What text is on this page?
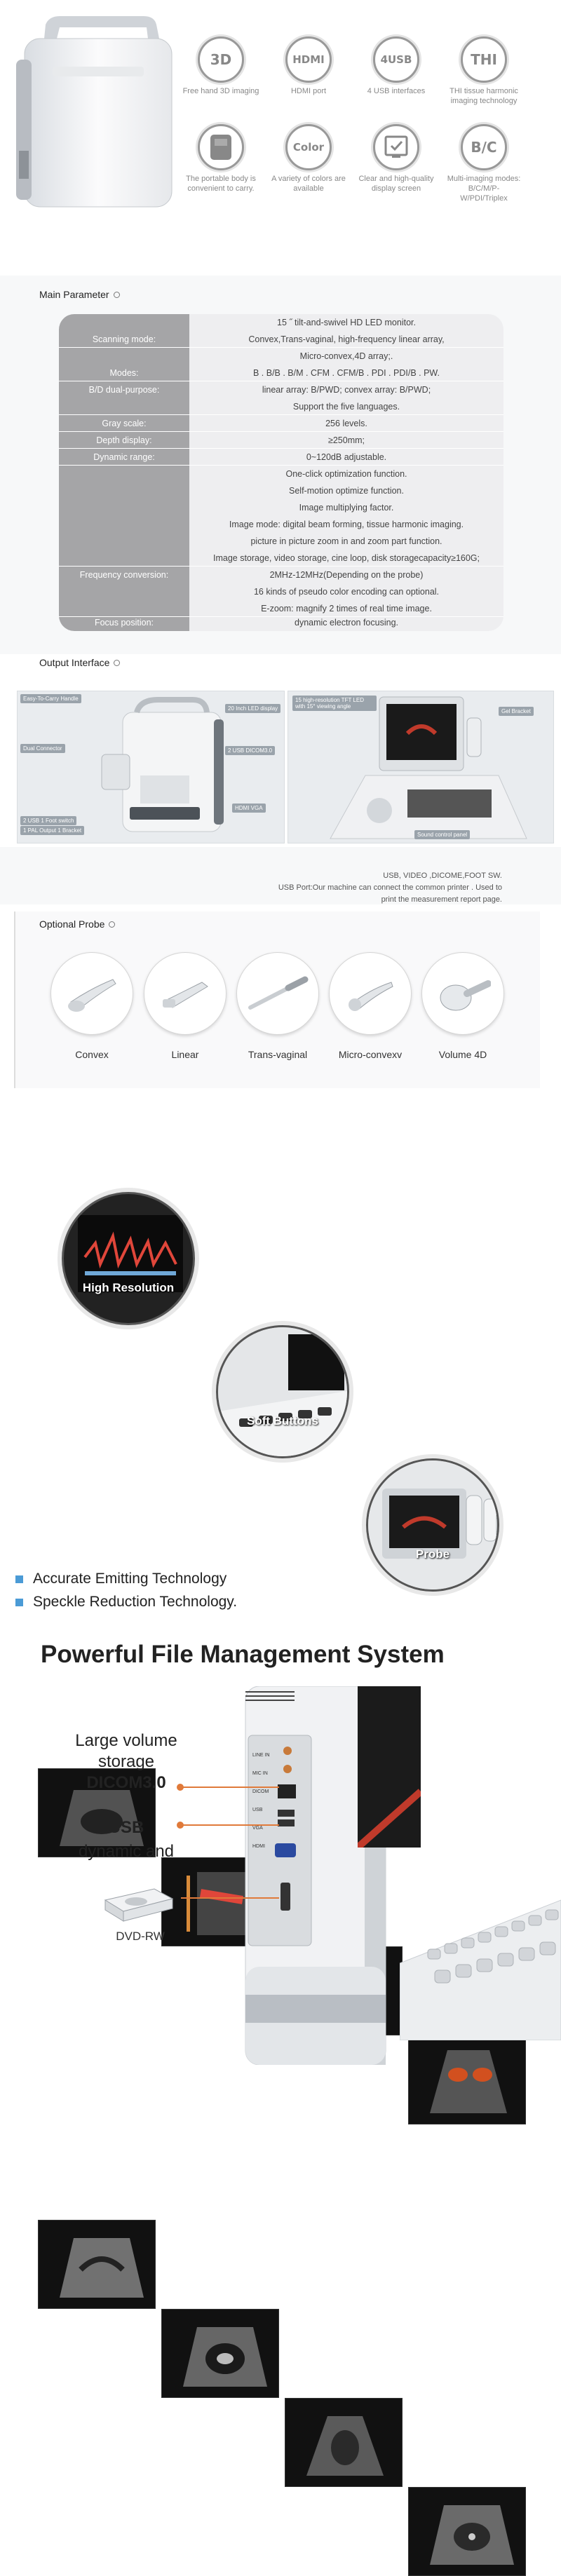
3D
Free hand 3D imaging
HDMI
HDMI port
4USB
4 USB interfaces
THI
THI tissue harmonic imaging technology
The portable body is convenient to carry.
Color
A variety of colors are available
Clear and high-quality display screen
B/C
Multi-imaging modes: B/C/M/P-W/PDI/Triplex
Main Parameter
15 ˝ tilt-and-swivel HD LED monitor.
Scanning mode:	Convex,Trans-vaginal, high-frequency linear array,
Micro-convex,4D array;.
Modes:	B . B/B . B/M . CFM . CFM/B . PDI . PDI/B . PW.
B/D dual-purpose:	linear array: B/PWD; convex array: B/PWD;
Support the five languages.
Gray scale:	256 levels.
Depth display:	≥250mm;
Dynamic range:	0~120dB adjustable.
One-click optimization function.
Self-motion optimize function.
Image multiplying factor.
Image mode: digital beam forming, tissue harmonic imaging.
picture in picture zoom in and zoom part function.
Image storage, video storage, cine loop, disk storagecapacity≥160G;
Frequency conversion:	2MHz-12MHz(Depending on the probe)
16 kinds of pseudo color encoding can optional.
E-zoom: magnify 2 times of real time image.
Focus position:	dynamic electron focusing.
Output Interface
Easy-To-Carry Handle
Dual Connector
2 USB 1 Foot switch
1 PAL Output 1 Bracket
20 Inch LED display
2 USB DICOM3.0
HDMI VGA
15 high-resolution TFT LED with 15° viewing angle
Gel Bracket
Sound control panel
USB, VIDEO ,DICOME,FOOT SW.
USB Port:Our machine can connect the common printer . Used to
print the measurement report page.
Optional Probe
Convex	Linear	Trans-vaginal	Micro-convexv	Volume 4D
High Resolution
Soft Buttons
Probe
Accurate Emitting Technology
Speckle Reduction Technology.
Powerful File Management System
LINE IN
MIC IN
DICOM
USB
VGA
HDMI
Large volume
storage
DICOM3.0
USB
dynamic and
DVD-RW
